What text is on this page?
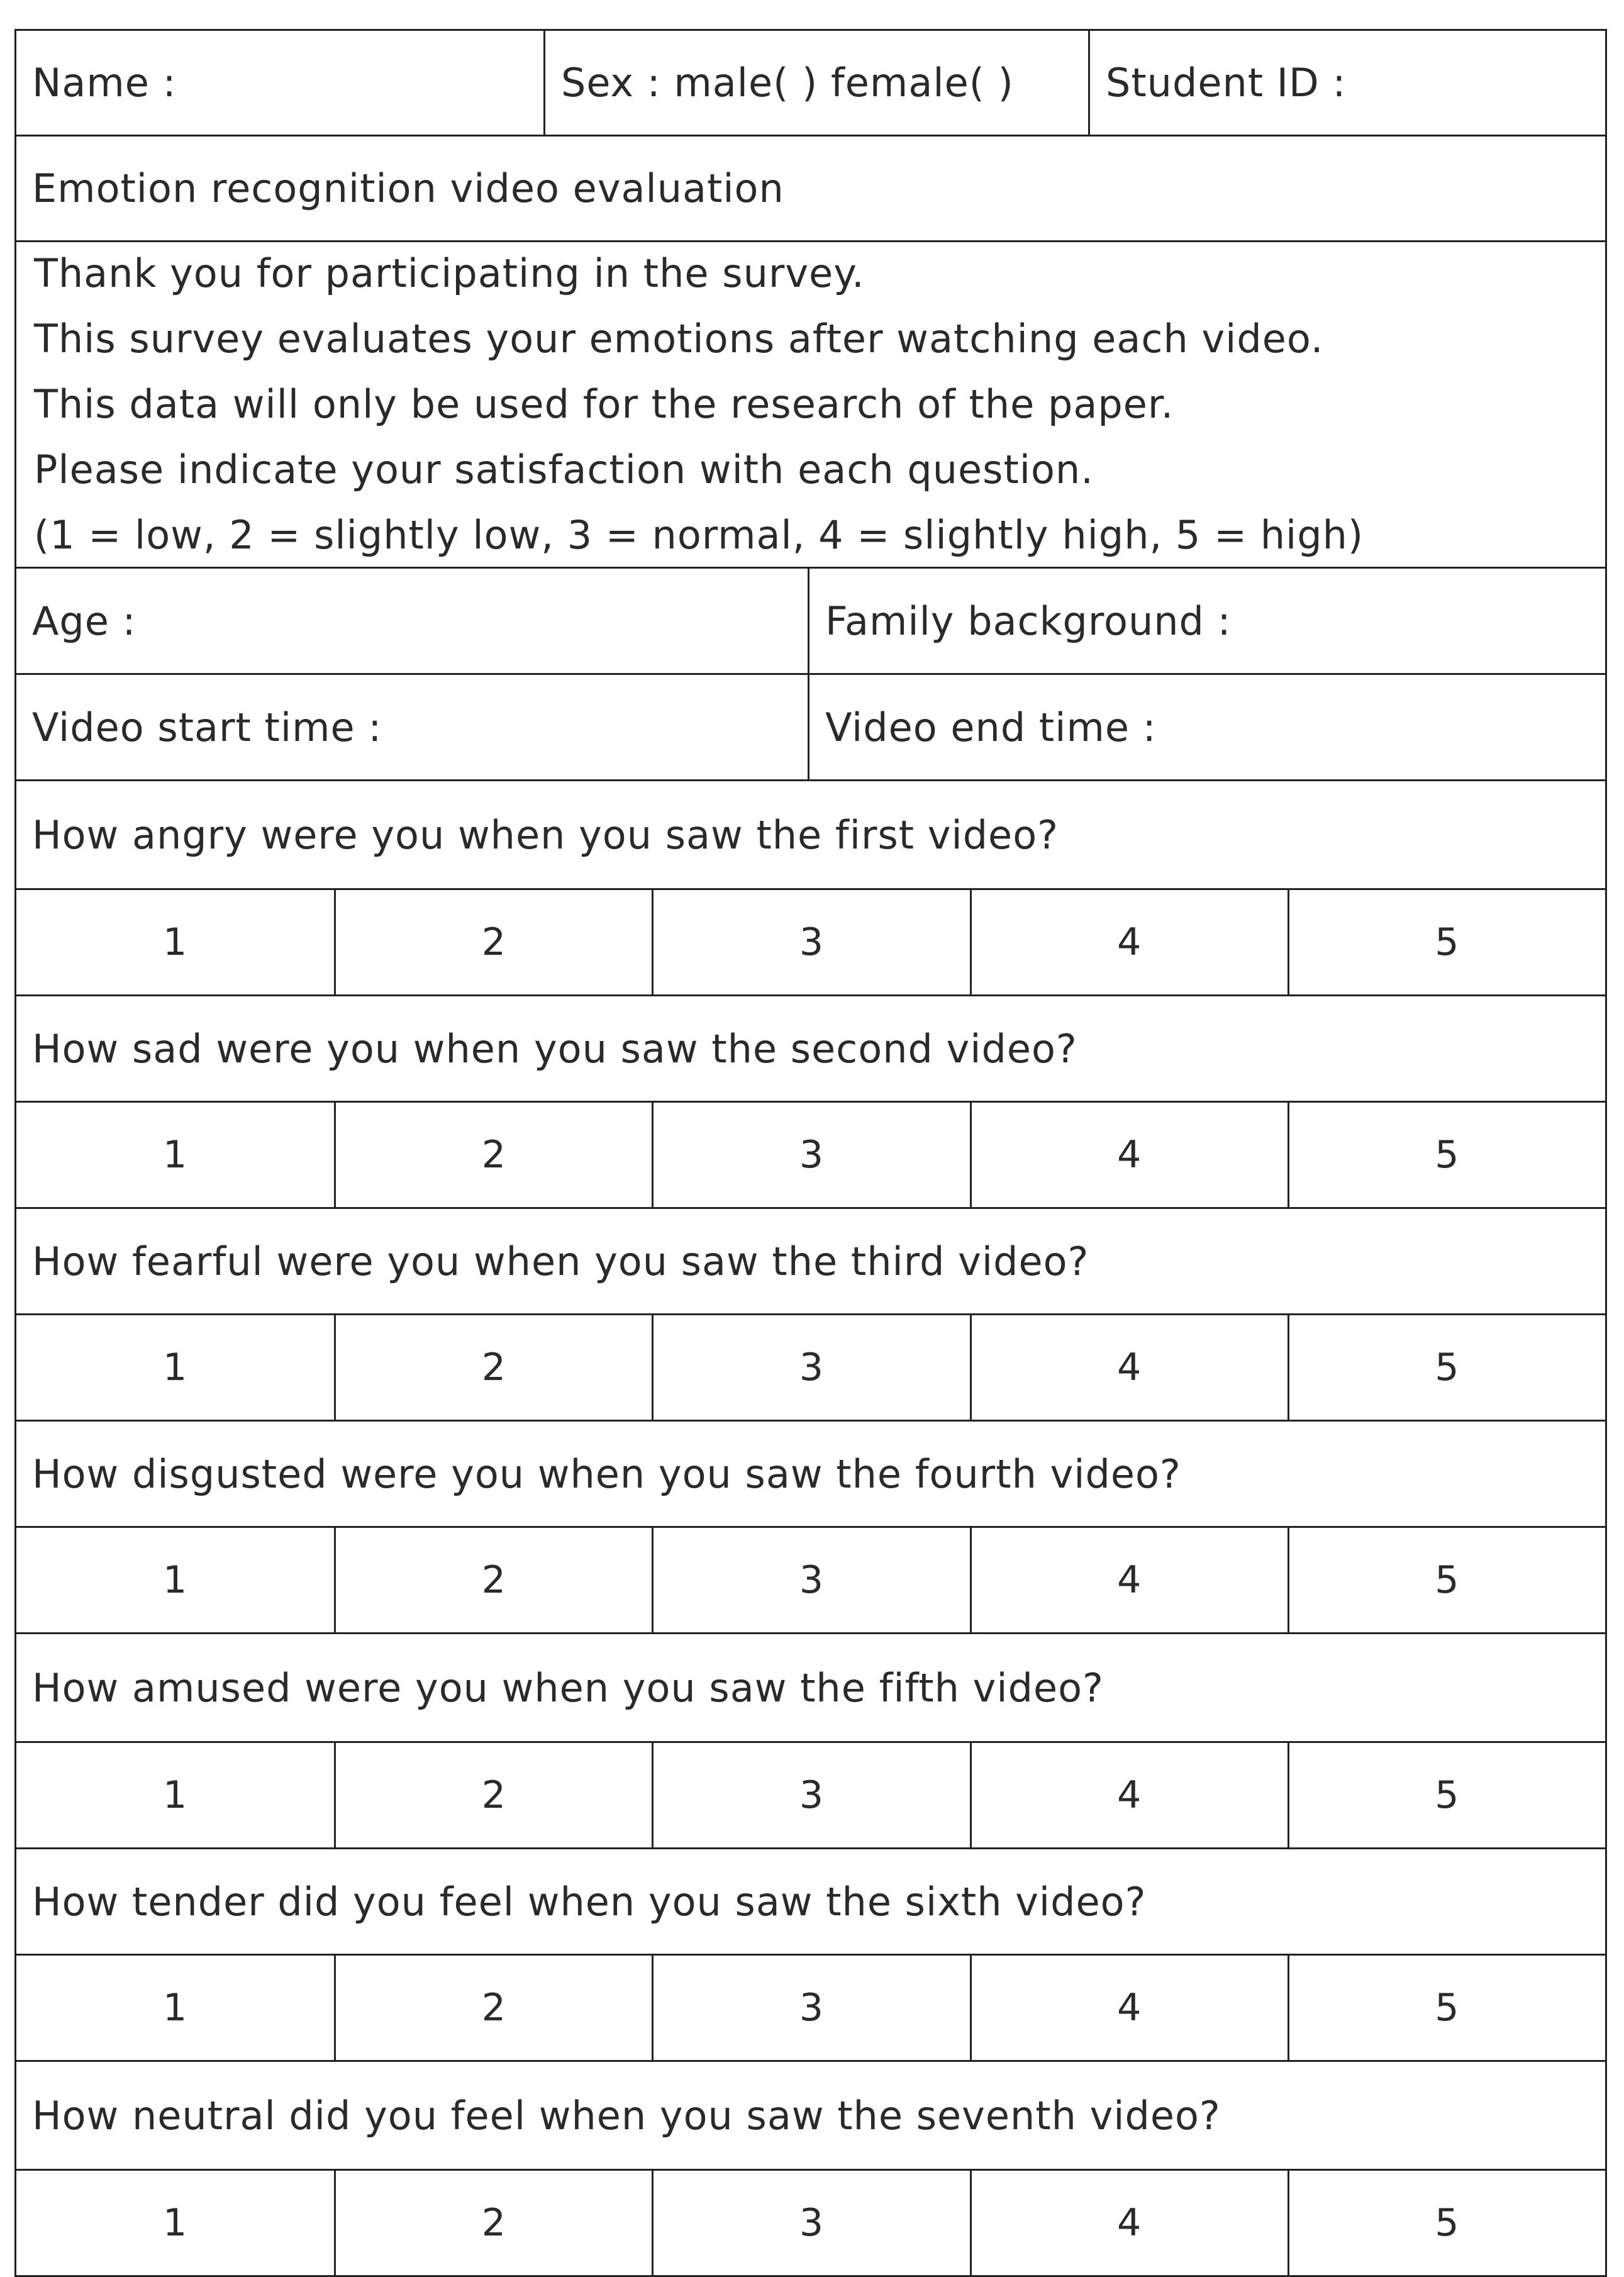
Name :	Sex : male( ) female( )	Student ID :
Emotion recognition video evaluation
Thank you for participating in the survey.
This survey evaluates your emotions after watching each video.
This data will only be used for the research of the paper.
Please indicate your satisfaction with each question.
(1 = low, 2 = slightly low, 3 = normal, 4 = slightly high, 5 = high)
Age :	Family background :
Video start time :	Video end time :
How angry were you when you saw the first video?
1	2	3	4	5
How sad were you when you saw the second video?
1	2	3	4	5
How fearful were you when you saw the third video?
1	2	3	4	5
How disgusted were you when you saw the fourth video?
1	2	3	4	5
How amused were you when you saw the fifth video?
1	2	3	4	5
How tender did you feel when you saw the sixth video?
1	2	3	4	5
How neutral did you feel when you saw the seventh video?
1	2	3	4	5
